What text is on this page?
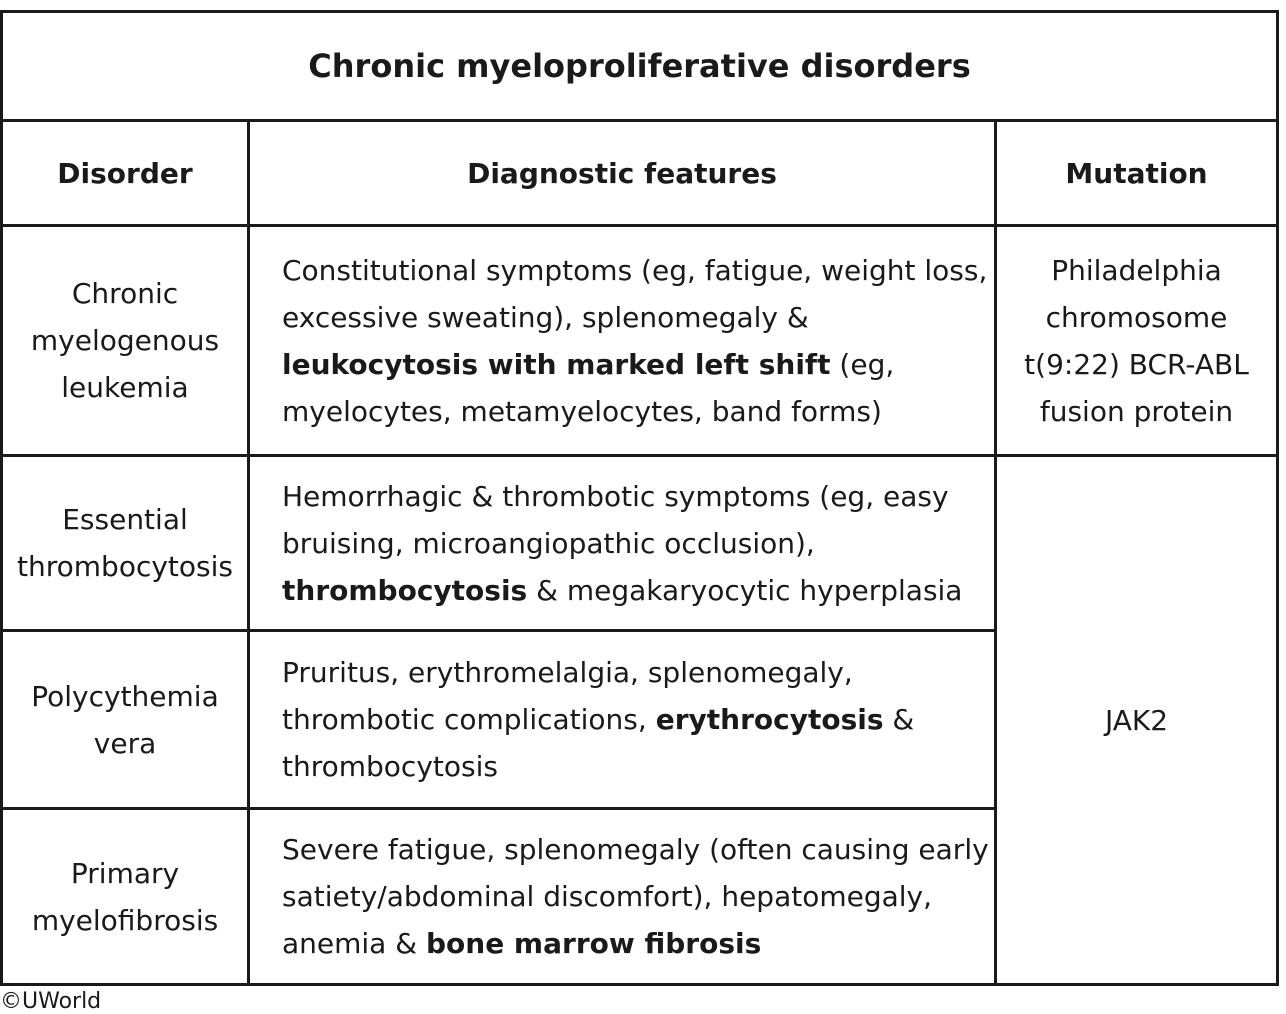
Chronic myeloproliferative disorders		
Disorder	Diagnostic features	Mutation

Chronic
myelogenous
leukemia	Constitutional symptoms (eg, fatigue, weight loss,
excessive sweating), splenomegaly &
leukocytosis with marked left shift (eg,
myelocytes, metamyelocytes, band forms)	Philadelphia
chromosome
t(9:22) BCR-ABL
fusion protein

Essential
thrombocytosis	Hemorrhagic & thrombotic symptoms (eg, easy
bruising, microangiopathic occlusion),
thrombocytosis & megakaryocytic hyperplasia	JAK2

Polycythemia
vera	Pruritus, erythromelalgia, splenomegaly,
thrombotic complications, erythrocytosis &
thrombocytosis	

Primary
myelofibrosis	Severe fatigue, splenomegaly (often causing early
satiety/abdominal discomfort), hepatomegaly,
anemia & bone marrow fibrosis	
©UWorld
